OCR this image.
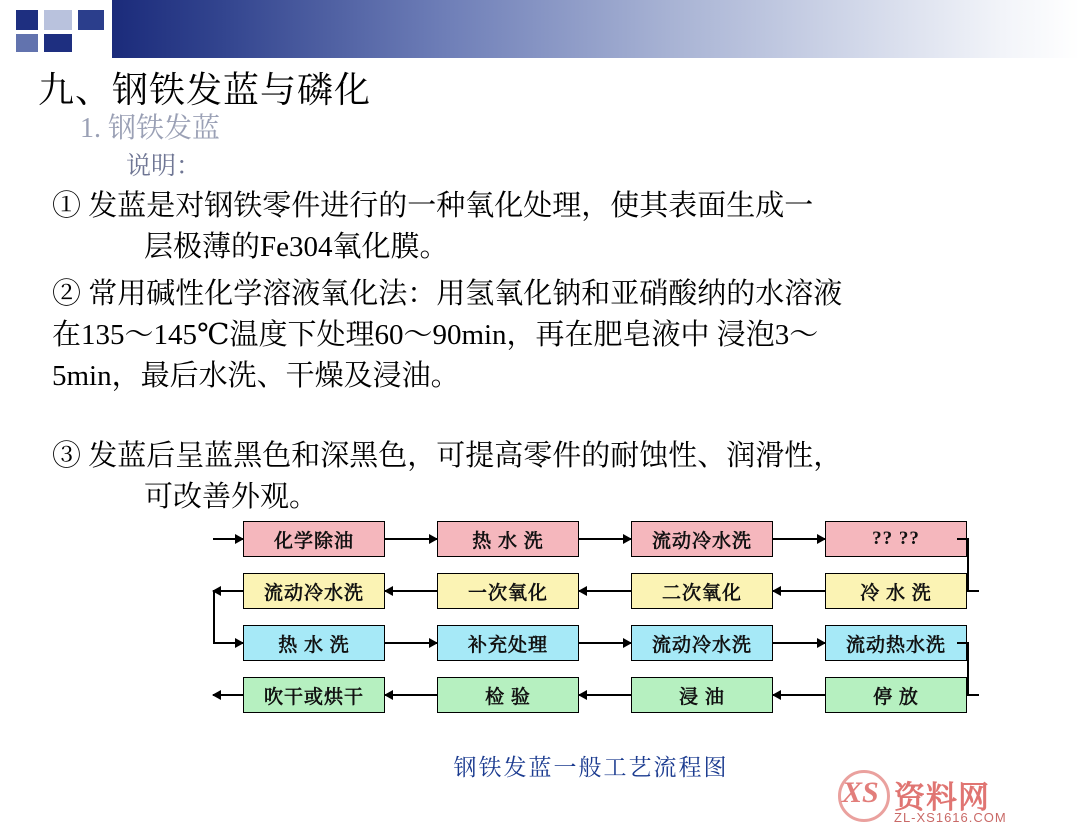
九、钢铁发蓝与磷化
1. 钢铁发蓝
说明：
① 发蓝是对钢铁零件进行的一种氧化处理，使其表面生成一
层极薄的Fe304氧化膜。
② 常用碱性化学溶液氧化法：用氢氧化钠和亚硝酸纳的水溶液
在135～145℃温度下处理60～90min，再在肥皂液中 浸泡3～
5min，最后水洗、干燥及浸油。
③ 发蓝后呈蓝黑色和深黑色，可提高零件的耐蚀性、润滑性，
可改善外观。
化学除油	热 水 洗	流动冷水洗	?? ??
流动冷水洗	一次氧化	二次氧化	冷 水 洗
热 水 洗	补充处理	流动冷水洗	流动热水洗
吹干或烘干	检 验	浸 油	停 放
钢铁发蓝一般工艺流程图
XS 资料网
ZL-XS1616.COM
